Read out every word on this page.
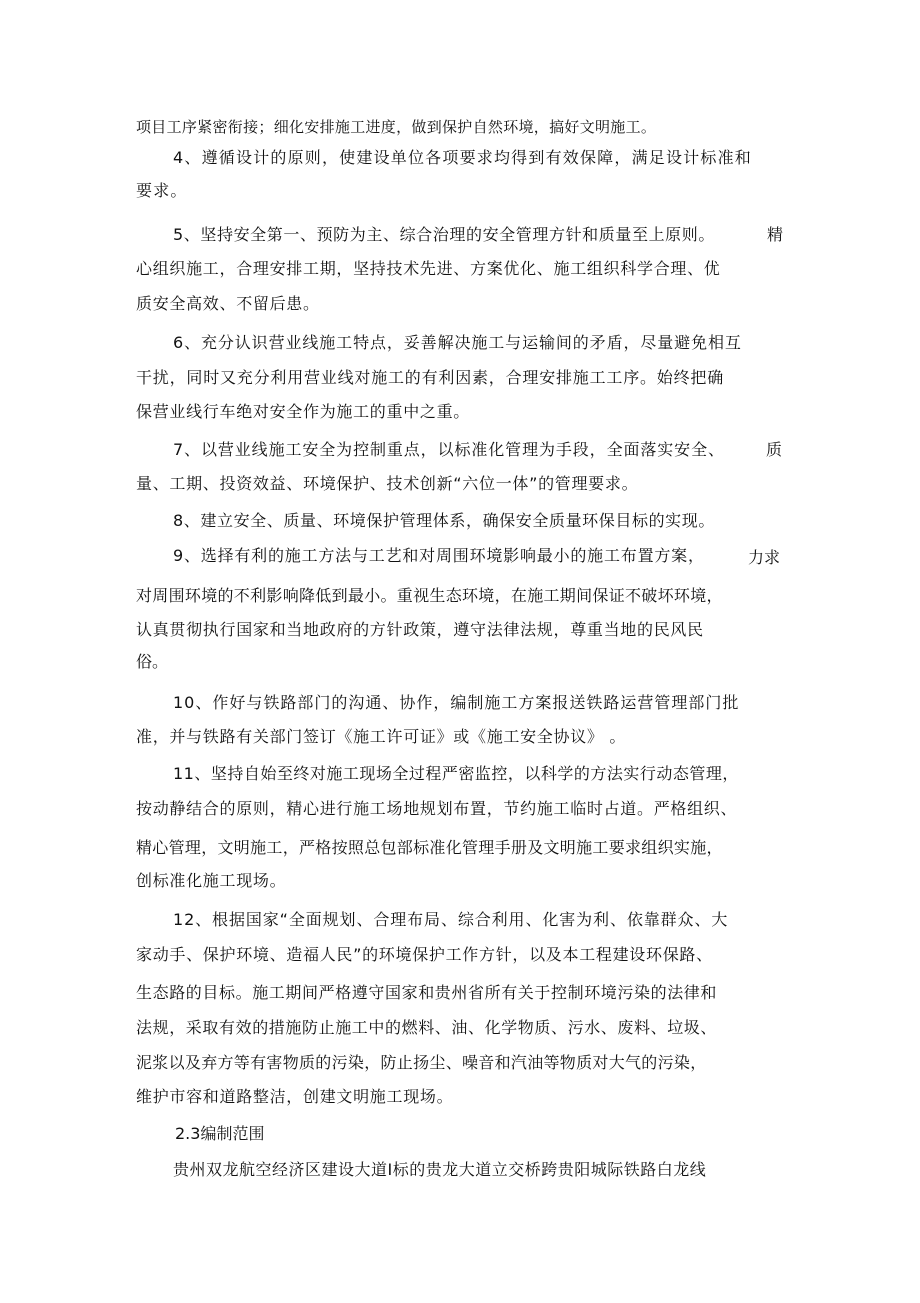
项目工序紧密衔接；细化安排施工进度，做到保护自然环境，搞好文明施工。
4、遵循设计的原则，使建设单位各项要求均得到有效保障，满足设计标准和
要求。
5、坚持安全第一、预防为主、综合治理的安全管理方针和质量至上原则。	精
心组织施工，合理安排工期，坚持技术先进、方案优化、施工组织科学合理、优
质安全高效、不留后患。
6、充分认识营业线施工特点，妥善解决施工与运输间的矛盾，尽量避免相互
干扰，同时又充分利用营业线对施工的有利因素，合理安排施工工序。始终把确
保营业线行车绝对安全作为施工的重中之重。
7、以营业线施工安全为控制重点，以标准化管理为手段，全面落实安全、	质
量、工期、投资效益、环境保护、技术创新“六位一体”的管理要求。
8、建立安全、质量、环境保护管理体系，确保安全质量环保目标的实现。
9、选择有利的施工方法与工艺和对周围环境影响最小的施工布置方案，	力求
对周围环境的不利影响降低到最小。重视生态环境，在施工期间保证不破坏环境，
认真贯彻执行国家和当地政府的方针政策，遵守法律法规，尊重当地的民风民
俗。
10、作好与铁路部门的沟通、协作，编制施工方案报送铁路运营管理部门批
准，并与铁路有关部门签订《施工许可证》或《施工安全协议》 。
11、坚持自始至终对施工现场全过程严密监控，以科学的方法实行动态管理，
按动静结合的原则，精心进行施工场地规划布置，节约施工临时占道。严格组织、
精心管理，文明施工，严格按照总包部标准化管理手册及文明施工要求组织实施，
创标准化施工现场。
12、根据国家“全面规划、合理布局、综合利用、化害为利、依靠群众、大
家动手、保护环境、造福人民”的环境保护工作方针，以及本工程建设环保路、
生态路的目标。施工期间严格遵守国家和贵州省所有关于控制环境污染的法律和
法规，采取有效的措施防止施工中的燃料、油、化学物质、污水、废料、垃圾、
泥浆以及弃方等有害物质的污染，防止扬尘、噪音和汽油等物质对大气的污染，
维护市容和道路整洁，创建文明施工现场。
2.3编制范围
贵州双龙航空经济区建设大道Ⅰ标的贵龙大道立交桥跨贵阳城际铁路白龙线
